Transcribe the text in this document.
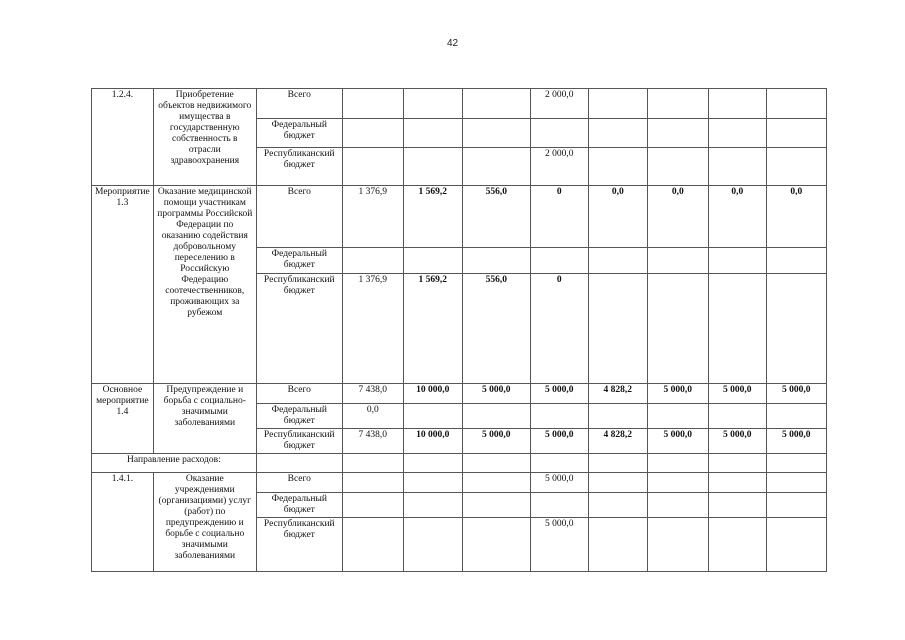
42
1.2.4.	Приобретение объектов недвижимого имущества в государственную собственность в отрасли здравоохранения	Всего				2 000,0				
		Федеральный бюджет								
		Республиканский бюджет				2 000,0				
Мероприятие 1.3	Оказание медицинской помощи участникам программы Российской Федерации по оказанию содействия добровольному переселению в Российскую Федерацию соотечественников, проживающих за рубежом	Всего	1 376,9	1 569,2	556,0	0	0,0	0,0	0,0	0,0
		Федеральный бюджет								
		Республиканский бюджет	1 376,9	1 569,2	556,0	0				
Основное мероприятие 1.4	Предупреждение и борьба с социально-значимыми заболеваниями	Всего	7 438,0	10 000,0	5 000,0	5 000,0	4 828,2	5 000,0	5 000,0	5 000,0
		Федеральный бюджет	0,0							
		Республиканский бюджет	7 438,0	10 000,0	5 000,0	5 000,0	4 828,2	5 000,0	5 000,0	5 000,0
Направление расходов:										
1.4.1.	Оказание учреждениями (организациями) услуг (работ) по предупреждению и борьбе с социально значимыми заболеваниями	Всего				5 000,0				
		Федеральный бюджет								
		Республиканский бюджет				5 000,0				
